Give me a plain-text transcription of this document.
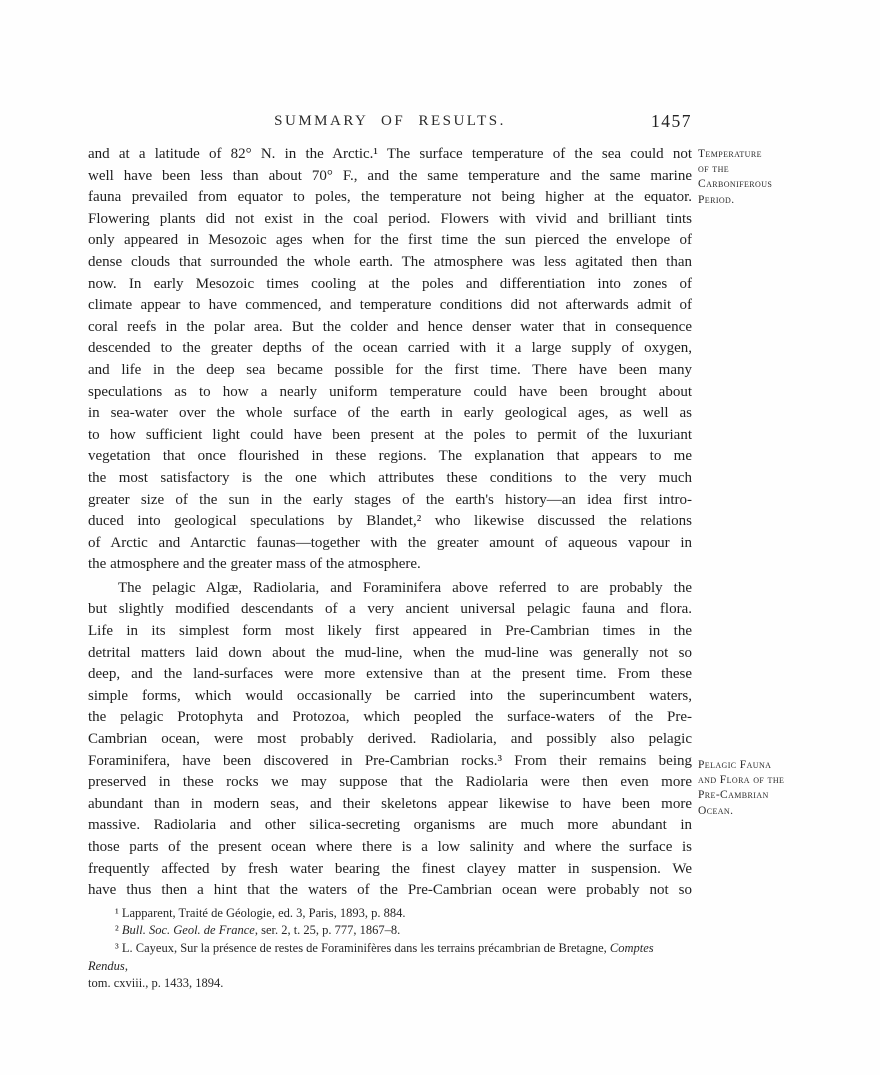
SUMMARY OF RESULTS.	1457
and at a latitude of 82° N. in the Arctic.¹ The surface temperature of the sea could not
well have been less than about 70° F., and the same temperature and the same marine
fauna prevailed from equator to poles, the temperature not being higher at the equator.
Flowering plants did not exist in the coal period. Flowers with vivid and brilliant tints
only appeared in Mesozoic ages when for the first time the sun pierced the envelope of
dense clouds that surrounded the whole earth. The atmosphere was less agitated then than
now. In early Mesozoic times cooling at the poles and differentiation into zones of
climate appear to have commenced, and temperature conditions did not afterwards admit of
coral reefs in the polar area. But the colder and hence denser water that in consequence
descended to the greater depths of the ocean carried with it a large supply of oxygen,
and life in the deep sea became possible for the first time. There have been many
speculations as to how a nearly uniform temperature could have been brought about
in sea-water over the whole surface of the earth in early geological ages, as well as
to how sufficient light could have been present at the poles to permit of the luxuriant
vegetation that once flourished in these regions. The explanation that appears to me
the most satisfactory is the one which attributes these conditions to the very much
greater size of the sun in the early stages of the earth's history—an idea first intro-
duced into geological speculations by Blandet,² who likewise discussed the relations
of Arctic and Antarctic faunas—together with the greater amount of aqueous vapour in
the atmosphere and the greater mass of the atmosphere.
The pelagic Algæ, Radiolaria, and Foraminifera above referred to are probably the
but slightly modified descendants of a very ancient universal pelagic fauna and flora.
Life in its simplest form most likely first appeared in Pre-Cambrian times in the
detrital matters laid down about the mud-line, when the mud-line was generally not so
deep, and the land-surfaces were more extensive than at the present time. From these
simple forms, which would occasionally be carried into the superincumbent waters,
the pelagic Protophyta and Protozoa, which peopled the surface-waters of the Pre-
Cambrian ocean, were most probably derived. Radiolaria, and possibly also pelagic
Foraminifera, have been discovered in Pre-Cambrian rocks.³ From their remains being
preserved in these rocks we may suppose that the Radiolaria were then even more
abundant than in modern seas, and their skeletons appear likewise to have been more
massive. Radiolaria and other silica-secreting organisms are much more abundant in
those parts of the present ocean where there is a low salinity and where the surface is
frequently affected by fresh water bearing the finest clayey matter in suspension. We
have thus then a hint that the waters of the Pre-Cambrian ocean were probably not so
¹ Lapparent, Traité de Géologie, ed. 3, Paris, 1893, p. 884.
² Bull. Soc. Geol. de France, ser. 2, t. 25, p. 777, 1867–8.
³ L. Cayeux, Sur la présence de restes de Foraminifères dans les terrains précambrian de Bretagne, Comptes Rendus,
tom. cxviii., p. 1433, 1894.
Temperature
of the
Carboniferous
Period.
Pelagic Fauna
and Flora of the
Pre-Cambrian
Ocean.
